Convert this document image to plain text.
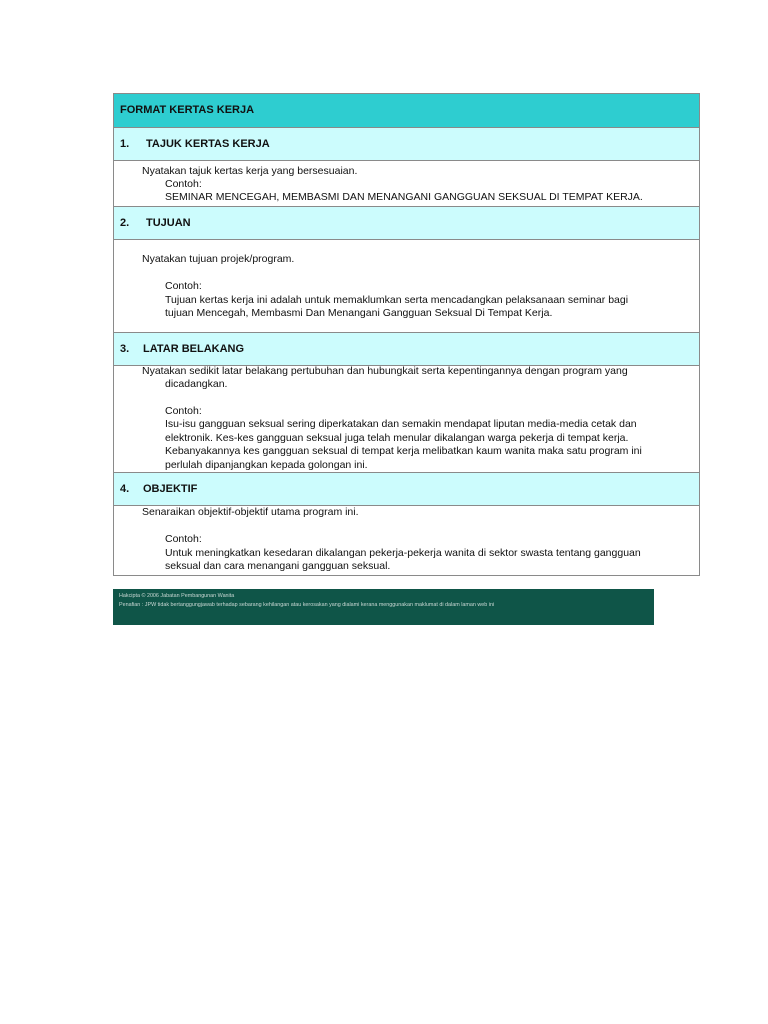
FORMAT KERTAS KERJA
1.	TAJUK KERTAS KERJA
Nyatakan tajuk kertas kerja yang bersesuaian.
Contoh:
SEMINAR MENCEGAH, MEMBASMI DAN MENANGANI GANGGUAN SEKSUAL DI TEMPAT KERJA.
2.	TUJUAN
Nyatakan tujuan projek/program.
Contoh:
Tujuan kertas kerja ini adalah untuk memaklumkan serta mencadangkan pelaksanaan seminar bagi
tujuan Mencegah, Membasmi Dan Menangani Gangguan Seksual Di Tempat Kerja.
3.	LATAR BELAKANG
Nyatakan sedikit latar belakang pertubuhan dan hubungkait serta kepentingannya dengan program yang
dicadangkan.
Contoh:
Isu-isu gangguan seksual sering diperkatakan dan semakin mendapat liputan media-media cetak dan
elektronik. Kes-kes gangguan seksual juga telah menular dikalangan warga pekerja di tempat kerja.
Kebanyakannya kes gangguan seksual di tempat kerja melibatkan kaum wanita maka satu program ini
perlulah dipanjangkan kepada golongan ini.
4.	OBJEKTIF
Senaraikan objektif-objektif utama program ini.
Contoh:
Untuk meningkatkan kesedaran dikalangan pekerja-pekerja wanita di sektor swasta tentang gangguan
seksual dan cara menangani gangguan seksual.
Hakcipta © 2006 Jabatan Pembangunan Wanita
Penafian : JPW tidak bertanggungjawab terhadap sebarang kehilangan atau kerosakan yang dialami kerana menggunakan maklumat di dalam laman web ini
